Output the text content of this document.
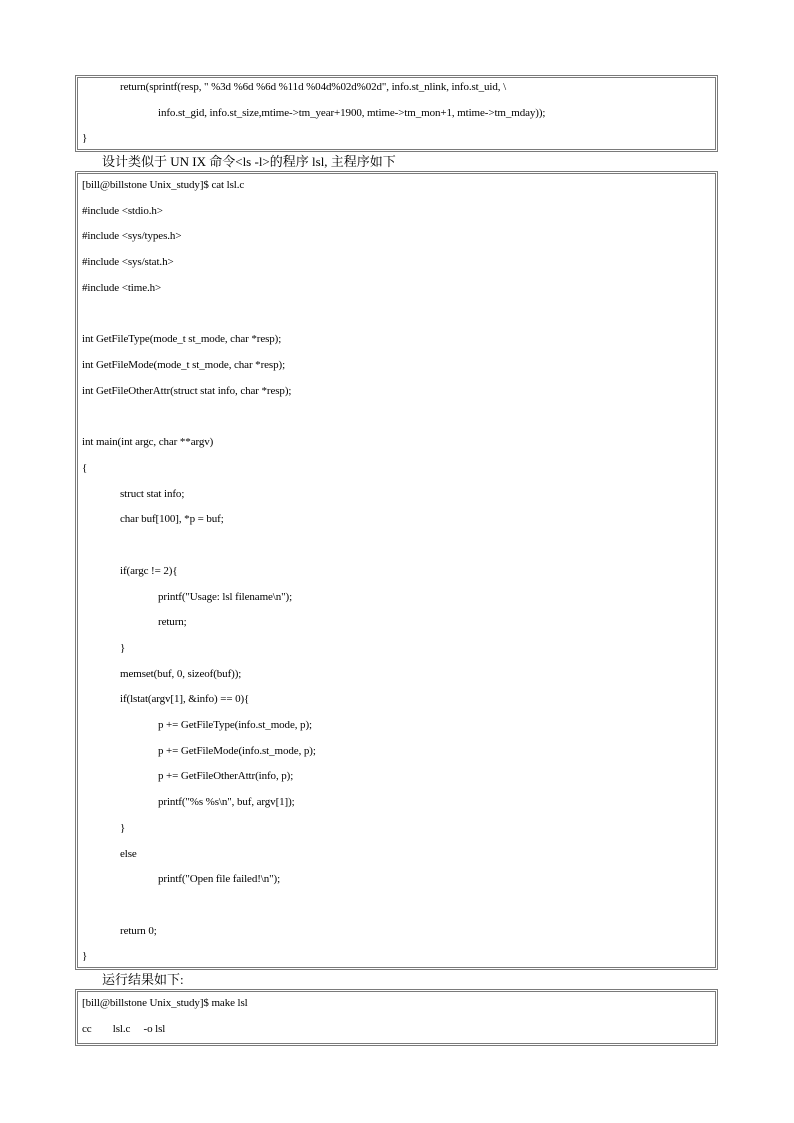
return(sprintf(resp, " %3d %6d %6d %11d %04d%02d%02d", info.st_nlink, info.st_uid, \
info.st_gid, info.st_size,mtime->tm_year+1900, mtime->tm_mon+1, mtime->tm_mday));
}
设计类似于 UN IX 命令<ls -l>的程序 lsl, 主程序如下
[bill@billstone Unix_study]$ cat lsl.c
#include <stdio.h>
#include <sys/types.h>
#include <sys/stat.h>
#include <time.h>
int GetFileType(mode_t st_mode, char *resp);
int GetFileMode(mode_t st_mode, char *resp);
int GetFileOtherAttr(struct stat info, char *resp);
int main(int argc, char **argv)
{
struct stat info;
char buf[100], *p = buf;
if(argc != 2){
printf("Usage: lsl filename\n");
return;
}
memset(buf, 0, sizeof(buf));
if(lstat(argv[1], &info) == 0){
p += GetFileType(info.st_mode, p);
p += GetFileMode(info.st_mode, p);
p += GetFileOtherAttr(info, p);
printf("%s %s\n", buf, argv[1]);
}
else
printf("Open file failed!\n");
return 0;
}
运行结果如下:
[bill@billstone Unix_study]$ make lsl
cc        lsl.c     -o lsl
